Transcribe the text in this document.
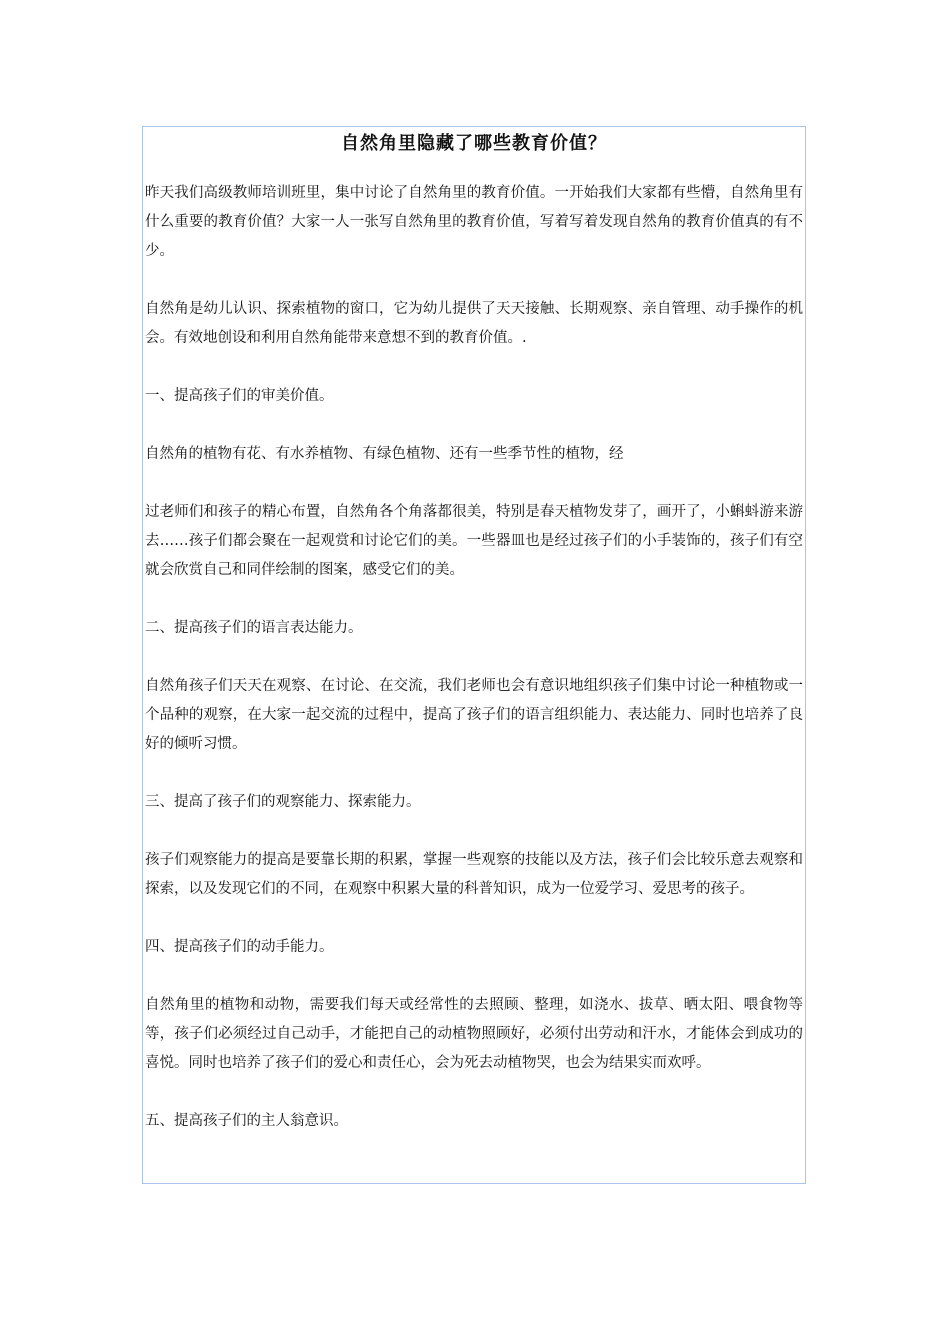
自然角里隐藏了哪些教育价值？

昨天我们高级教师培训班里，集中讨论了自然角里的教育价值。一开始我们大家都有些懵，自然角里有什么重要的教育价值？大家一人一张写自然角里的教育价值，写着写着发现自然角的教育价值真的有不少。

自然角是幼儿认识、探索植物的窗口，它为幼儿提供了天天接触、长期观察、亲自管理、动手操作的机会。有效地创设和利用自然角能带来意想不到的教育价值。.

一、提高孩子们的审美价值。

自然角的植物有花、有水养植物、有绿色植物、还有一些季节性的植物，经

过老师们和孩子的精心布置，自然角各个角落都很美，特别是春天植物发芽了，画开了，小蝌蚪游来游去……孩子们都会聚在一起观赏和讨论它们的美。一些器皿也是经过孩子们的小手装饰的，孩子们有空就会欣赏自己和同伴绘制的图案，感受它们的美。

二、提高孩子们的语言表达能力。

自然角孩子们天天在观察、在讨论、在交流，我们老师也会有意识地组织孩子们集中讨论一种植物或一个品种的观察，在大家一起交流的过程中，提高了孩子们的语言组织能力、表达能力、同时也培养了良好的倾听习惯。

三、提高了孩子们的观察能力、探索能力。

孩子们观察能力的提高是要靠长期的积累，掌握一些观察的技能以及方法，孩子们会比较乐意去观察和探索，以及发现它们的不同，在观察中积累大量的科普知识，成为一位爱学习、爱思考的孩子。

四、提高孩子们的动手能力。

自然角里的植物和动物，需要我们每天或经常性的去照顾、整理，如浇水、拔草、晒太阳、喂食物等等，孩子们必须经过自己动手，才能把自己的动植物照顾好，必须付出劳动和汗水，才能体会到成功的喜悦。同时也培养了孩子们的爱心和责任心，会为死去动植物哭，也会为结果实而欢呼。

五、提高孩子们的主人翁意识。
